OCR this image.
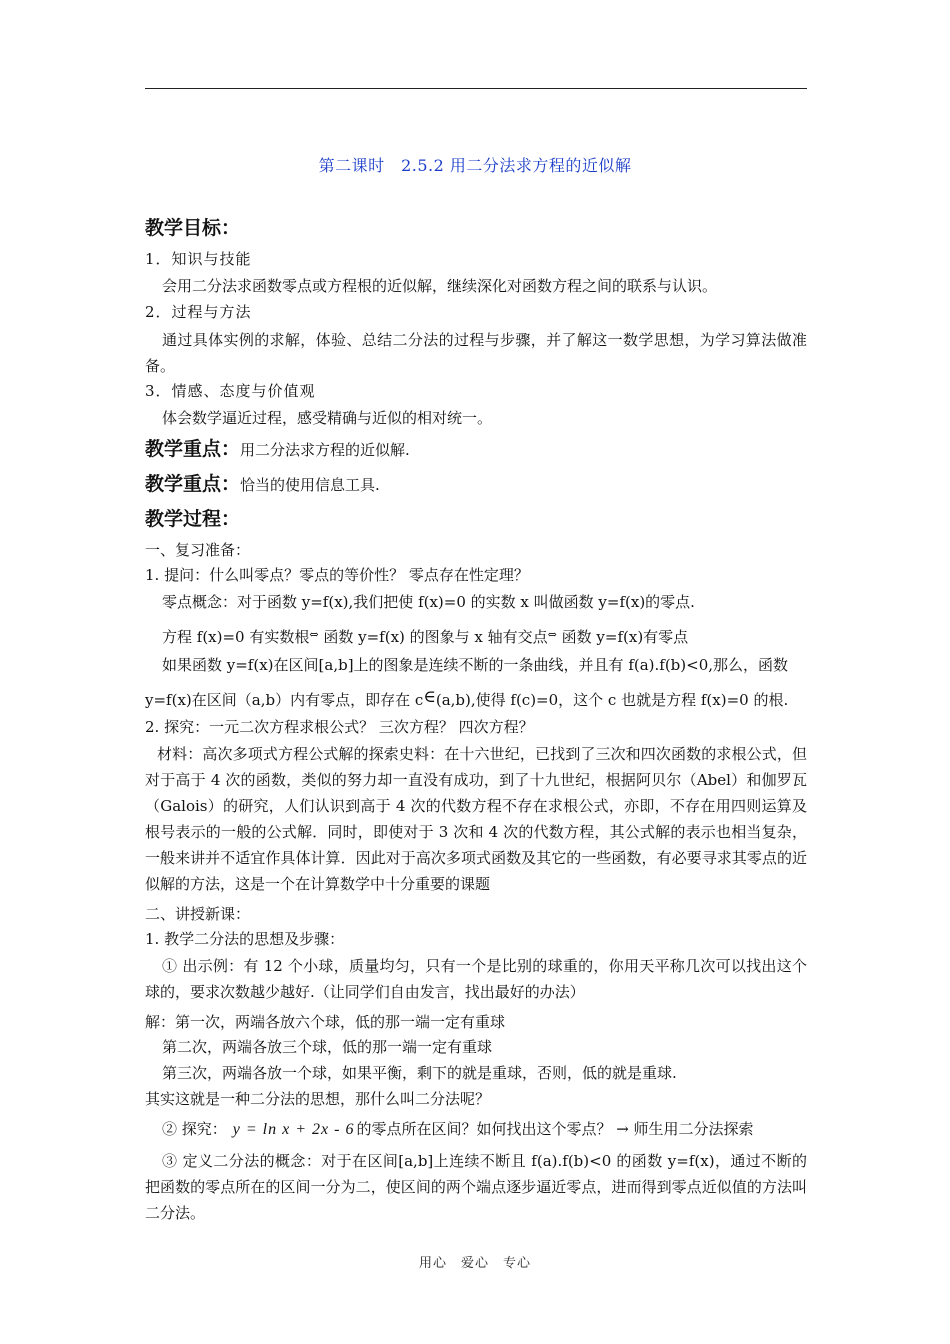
第二课时　2.5.2 用二分法求方程的近似解
教学目标：
1．知识与技能
会用二分法求函数零点或方程根的近似解，继续深化对函数方程之间的联系与认识。
2．过程与方法
通过具体实例的求解，体验、总结二分法的过程与步骤，并了解这一数学思想，为学习算法做准备。
3．情感、态度与价值观
体会数学逼近过程，感受精确与近似的相对统一。
教学重点：用二分法求方程的近似解.
教学重点：恰当的使用信息工具.
教学过程：
一、复习准备：
1. 提问：什么叫零点？零点的等价性？ 零点存在性定理？
零点概念：对于函数 y=f(x),我们把使 f(x)=0 的实数 x 叫做函数 y=f(x)的零点.
方程 f(x)=0 有实数根⇔ 函数 y=f(x) 的图象与 x 轴有交点⇔ 函数 y=f(x)有零点
如果函数 y=f(x)在区间[a,b]上的图象是连续不断的一条曲线，并且有 f(a).f(b)<0,那么，函数
y=f(x)在区间（a,b）内有零点，即存在 c∈(a,b),使得 f(c)=0，这个 c 也就是方程 f(x)=0 的根.
2. 探究：一元二次方程求根公式？ 三次方程？ 四次方程？
材料：高次多项式方程公式解的探索史料：在十六世纪，已找到了三次和四次函数的求根公式，但对于高于 4 次的函数，类似的努力却一直没有成功，到了十九世纪，根据阿贝尔（Abel）和伽罗瓦（Galois）的研究，人们认识到高于 4 次的代数方程不存在求根公式，亦即，不存在用四则运算及根号表示的一般的公式解．同时，即使对于 3 次和 4 次的代数方程，其公式解的表示也相当复杂，一般来讲并不适宜作具体计算．因此对于高次多项式函数及其它的一些函数，有必要寻求其零点的近似解的方法，这是一个在计算数学中十分重要的课题
二、讲授新课：
1. 教学二分法的思想及步骤：
① 出示例：有 12 个小球，质量均匀，只有一个是比别的球重的，你用天平称几次可以找出这个球的，要求次数越少越好.（让同学们自由发言，找出最好的办法）
解：第一次，两端各放六个球，低的那一端一定有重球
第二次，两端各放三个球，低的那一端一定有重球
第三次，两端各放一个球，如果平衡，剩下的就是重球，否则，低的就是重球.
其实这就是一种二分法的思想，那什么叫二分法呢？
② 探究： y = ln x + 2x - 6 的零点所在区间？如何找出这个零点？ → 师生用二分法探索
③ 定义二分法的概念：对于在区间[a,b]上连续不断且 f(a).f(b)<0 的函数 y=f(x)，通过不断的把函数的零点所在的区间一分为二，使区间的两个端点逐步逼近零点，进而得到零点近似值的方法叫二分法。
用心　爱心　专心
